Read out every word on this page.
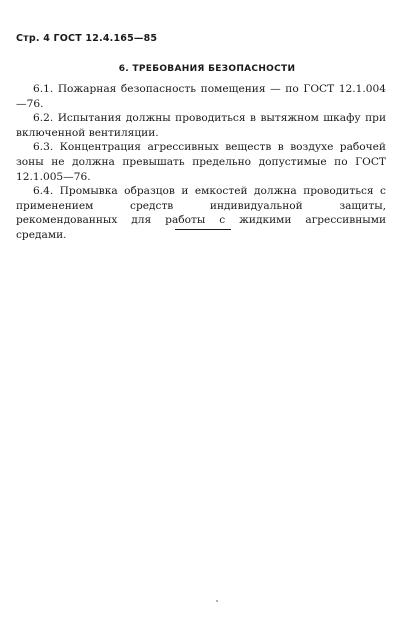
Стр. 4 ГОСТ 12.4.165—85
6. ТРЕБОВАНИЯ БЕЗОПАСНОСТИ

6.1. Пожарная безопасность помещения — по ГОСТ 12.1.004—76.

6.2. Испытания должны проводиться в вытяжном шкафу при включенной вентиляции.

6.3. Концентрация агрессивных веществ в воздухе рабочей зоны не должна превышать предельно допустимые по ГОСТ 12.1.005—76.

6.4. Промывка образцов и емкостей должна проводиться с применением средств индивидуальной защиты, рекомендованных для работы с жидкими агрессивными средами.
